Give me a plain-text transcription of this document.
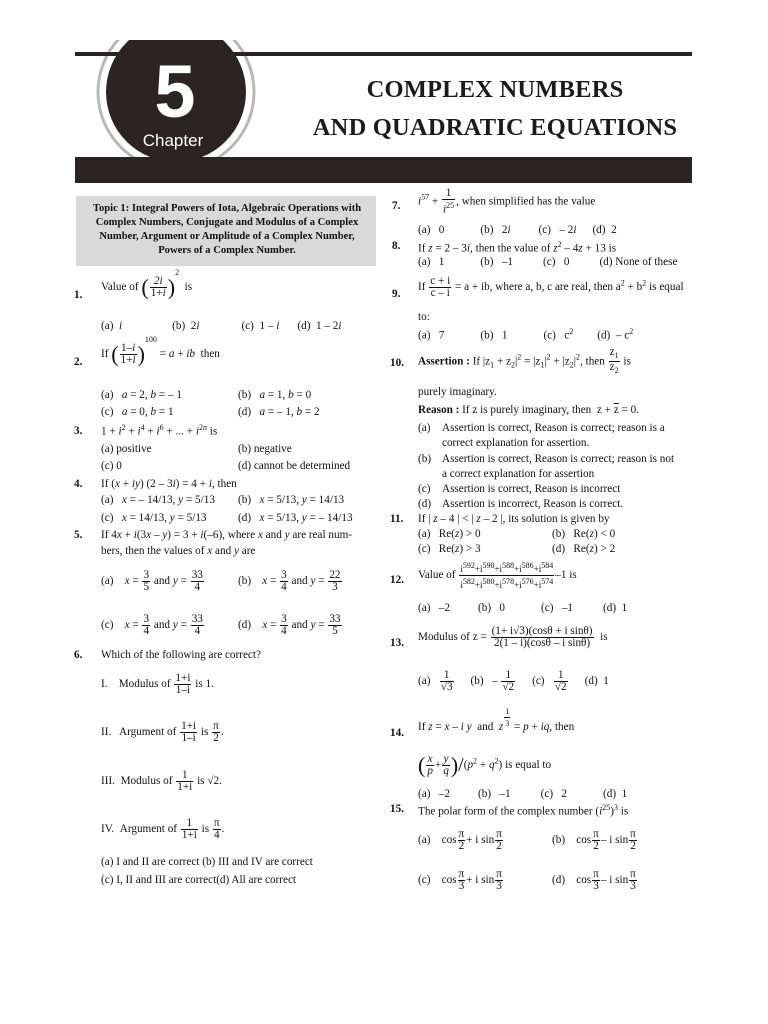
5
Chapter
COMPLEX NUMBERS
AND QUADRATIC EQUATIONS
Topic 1: Integral Powers of Iota, Algebraic Operations with Complex Numbers, Conjugate and Modulus of a Complex Number, Argument or Amplitude of a Complex Number, Powers of a Complex Number.
1.
Value of ( $\frac{2i}{1+i} )^2$  is
(a)  i	(b)  2i	(c)  1 – i (d)  1 – 2i
2.
If ( $\frac{1-i}{1+i} )^{100} = a$ + ib  then
(a)   a = 2, b = – 1	(b)   a = 1, b = 0
(c)   a = 0, b = 1	(d)   a = – 1, b = 2
3. $1 + i^2 + i^4 + i^6$ + ... + $i^{2n}$ is
(a) positive	(b) negative
(c) 0	(d) cannot be determined
4. If (x + iy) (2 – 3i) = 4 + i, then
(a)   x = – 14/13, y = 5/13 (b)   x = 5/13, y = 14/13
(c)   x = 14/13, y = 5/13	(d)   x = 5/13, y = – 14/13
5. If 4x + i(3x – y) = 3 + i(–6), where x and y are real num-
bers, then the values of x and y are
(a)    $x = \frac{3}{5}$ and $y = \frac{33}{4}$	(b)    $x = \frac{3}{4}$ and $y = \frac{22}{3}$
(c)    $x = \frac{3}{4}$ and $y = \frac{33}{4}$	(d)    $x = \frac{3}{4}$ and $y = \frac{33}{5}$
6. Which of the following are correct?
I.    Modulus of $\frac{1+i}{1-i}$ is 1.
II.   Argument of $\frac{1+i}{1-i}$ is $\frac{\pi}{2}$ .
III.  Modulus of $\frac{1}{1+i}$ is √2.
IV.  Argument of $\frac{1}{1+i}$ is $\frac{\pi}{4}$ .
(a) I and II are correct (b) III and IV are correct
(c) I, II and III are correct(d) All are correct
7. $i^{57} + \frac{1}{i^{25}}$ , when simplified has the value
(a)   0	(b)   2i	(c)   – 2i (d)  2
8. If z = 2 – 3i, then the value of $z^2 - 4z + 13$ is
(a)   1	(b)   –1	(c)   0	(d) None of these
9.
If $\frac{c + i}{c - i} = a$ + ib, where a, b, c are real, then $a^2 + b^2$ is equal
to:
(a)   7	(b)   1	(c)   $c^2$ $(d) - c^2$
10. Assertion : If $|z_1 + z_2|^2 = |z_1|^2 + |z_2|^2$, then $\frac{z_1}{z_2}$ is
purely imaginary.
Reason : If z is purely imaginary, then  $z + \overline{z} = 0$.
(a) Assertion is correct, Reason is correct; reason is a
correct explanation for assertion.
(b) Assertion is correct, Reason is correct; reason is not
a correct explanation for assertion
(c) Assertion is correct, Reason is incorrect
(d) Assertion is incorrect, Reason is correct.
11. If | z – 4 | < | z – 2 |, its solution is given by
(a)   Re(z) > 0	(b)   Re(z) < 0
(c)   Re(z) > 3	(d)   Re(z) > 2
12. Value of $\frac{i^{592}+i^{590}+i^{588}+i^{586}+i^{584}}{i^{582}+i^{580}+i^{578}+i^{576}+i^{574}} -1$ is
(a)   –2	(b)   0	(c)   –1	(d)  1
13. Modulus of $z = \frac{\text{(1+ i√3)(cosθ + i sinθ)}}{\text{2(1 – i)(cosθ – i sinθ)}}$ is
$(a) \frac{1}{√3} (b) - \frac{1}{√2} (c) \frac{1}{√2} (d)$  1
14. If z = x – i y  and  z $^{\frac{1}{3}}$ = p + iq, then
( $\frac{x}{p} + \frac{y}{q} )/(p^2 + q^2)$ is equal to
(a)   –2	(b)   –1	(c)   2	(d)  1
15. The polar form of the complex number $(i^{25})^3$ is
(a)    $\cos \frac{\pi}{2} + i$ $\sin \frac{\pi}{2}$	(b)    $\cos \frac{\pi}{2}$ – i $\sin \frac{\pi}{2}$
(c)    $\cos \frac{\pi}{3} + i$ $\sin \frac{\pi}{3}$	(d)    $\cos \frac{\pi}{3}$ – i $\sin \frac{\pi}{3}$
